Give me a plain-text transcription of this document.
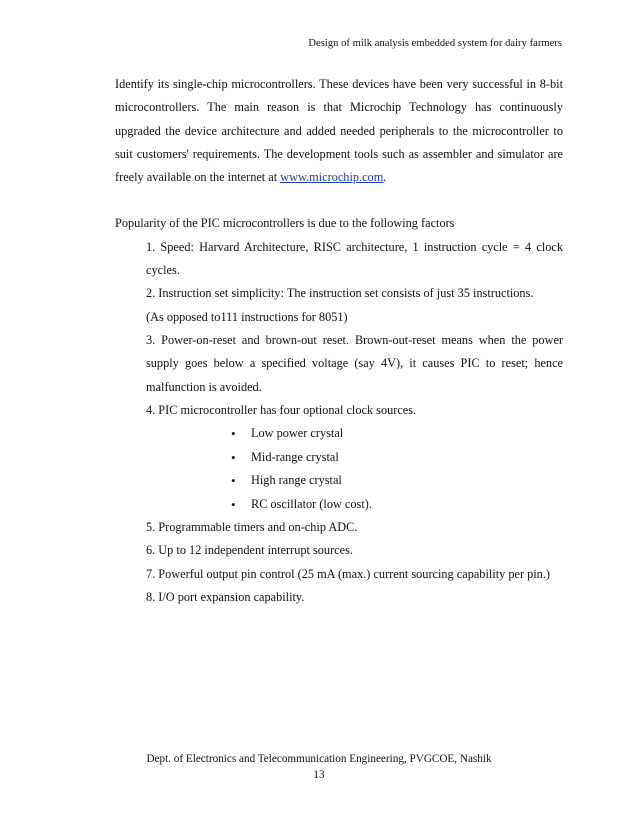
Design of milk analysis embedded system for dairy farmers

Identify its single-chip microcontrollers. These devices have been very successful in 8-bit microcontrollers. The main reason is that Microchip Technology has continuously upgraded the device architecture and added needed peripherals to the microcontroller to suit customers' requirements. The development tools such as assembler and simulator are freely available on the internet at www.microchip.com.

Popularity of the PIC microcontrollers is due to the following factors

1. Speed: Harvard Architecture, RISC architecture, 1 instruction cycle = 4 clock cycles.
2. Instruction set simplicity: The instruction set consists of just 35 instructions.
(As opposed to111 instructions for 8051)
3. Power-on-reset and brown-out reset. Brown-out-reset means when the power supply goes below a specified voltage (say 4V), it causes PIC to reset; hence malfunction is avoided.
4. PIC microcontroller has four optional clock sources.
• Low power crystal
• Mid-range crystal
• High range crystal
• RC oscillator (low cost).
5. Programmable timers and on-chip ADC.
6. Up to 12 independent interrupt sources.
7. Powerful output pin control (25 mA (max.) current sourcing capability per pin.)
8. I/O port expansion capability.
Dept. of Electronics and Telecommunication Engineering, PVGCOE, Nashik
13
